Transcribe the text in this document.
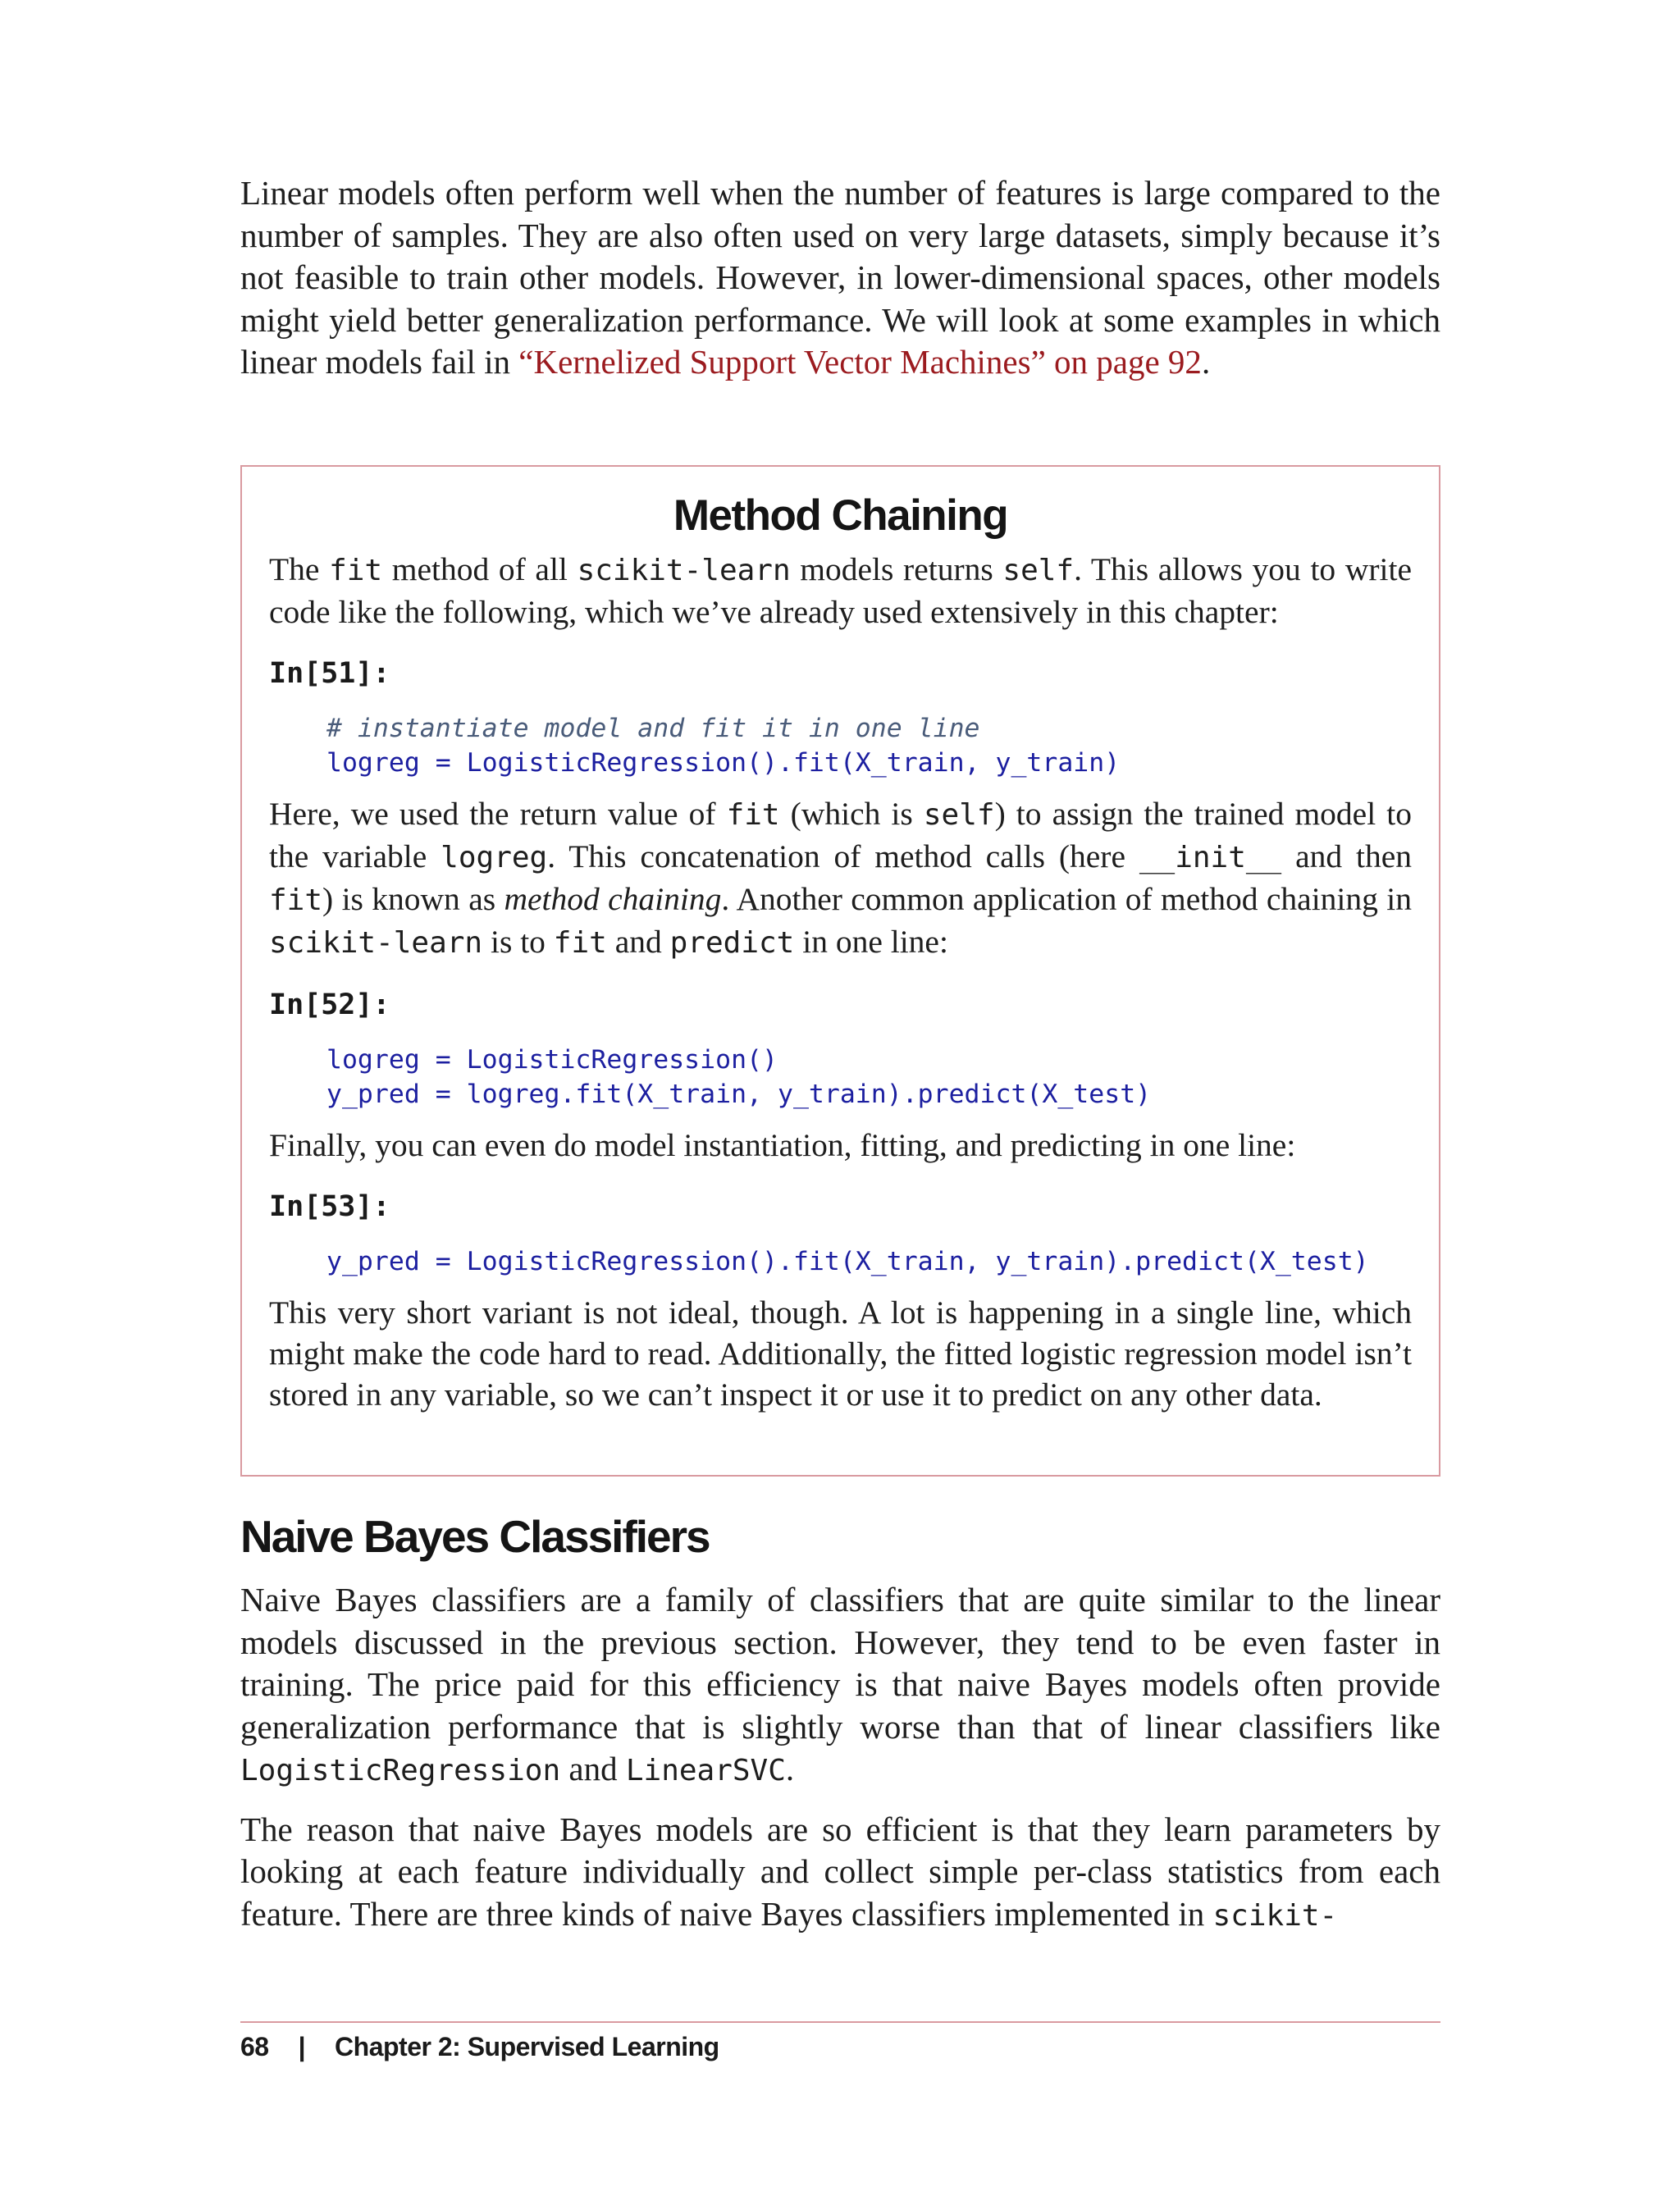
Linear models often perform well when the number of features is large compared to the number of samples. They are also often used on very large datasets, simply because it’s not feasible to train other models. However, in lower-dimensional spaces, other models might yield better generalization performance. We will look at some examples in which linear models fail in “Kernelized Support Vector Machines” on page 92.

Method Chaining

The fit method of all scikit-learn models returns self. This allows you to write code like the following, which we’ve already used extensively in this chapter:

In[51]:
# instantiate model and fit it in one line
logreg = LogisticRegression().fit(X_train, y_train)

Here, we used the return value of fit (which is self) to assign the trained model to the variable logreg. This concatenation of method calls (here __init__ and then fit) is known as method chaining. Another common application of method chaining in scikit-learn is to fit and predict in one line:

In[52]:
logreg = LogisticRegression()
y_pred = logreg.fit(X_train, y_train).predict(X_test)

Finally, you can even do model instantiation, fitting, and predicting in one line:

In[53]:
y_pred = LogisticRegression().fit(X_train, y_train).predict(X_test)

This very short variant is not ideal, though. A lot is happening in a single line, which might make the code hard to read. Additionally, the fitted logistic regression model isn’t stored in any variable, so we can’t inspect it or use it to predict on any other data.

Naive Bayes Classifiers

Naive Bayes classifiers are a family of classifiers that are quite similar to the linear models discussed in the previous section. However, they tend to be even faster in training. The price paid for this efficiency is that naive Bayes models often provide generalization performance that is slightly worse than that of linear classifiers like LogisticRegression and LinearSVC.

The reason that naive Bayes models are so efficient is that they learn parameters by looking at each feature individually and collect simple per-class statistics from each feature. There are three kinds of naive Bayes classifiers implemented in scikit-

68 | Chapter 2: Supervised Learning
